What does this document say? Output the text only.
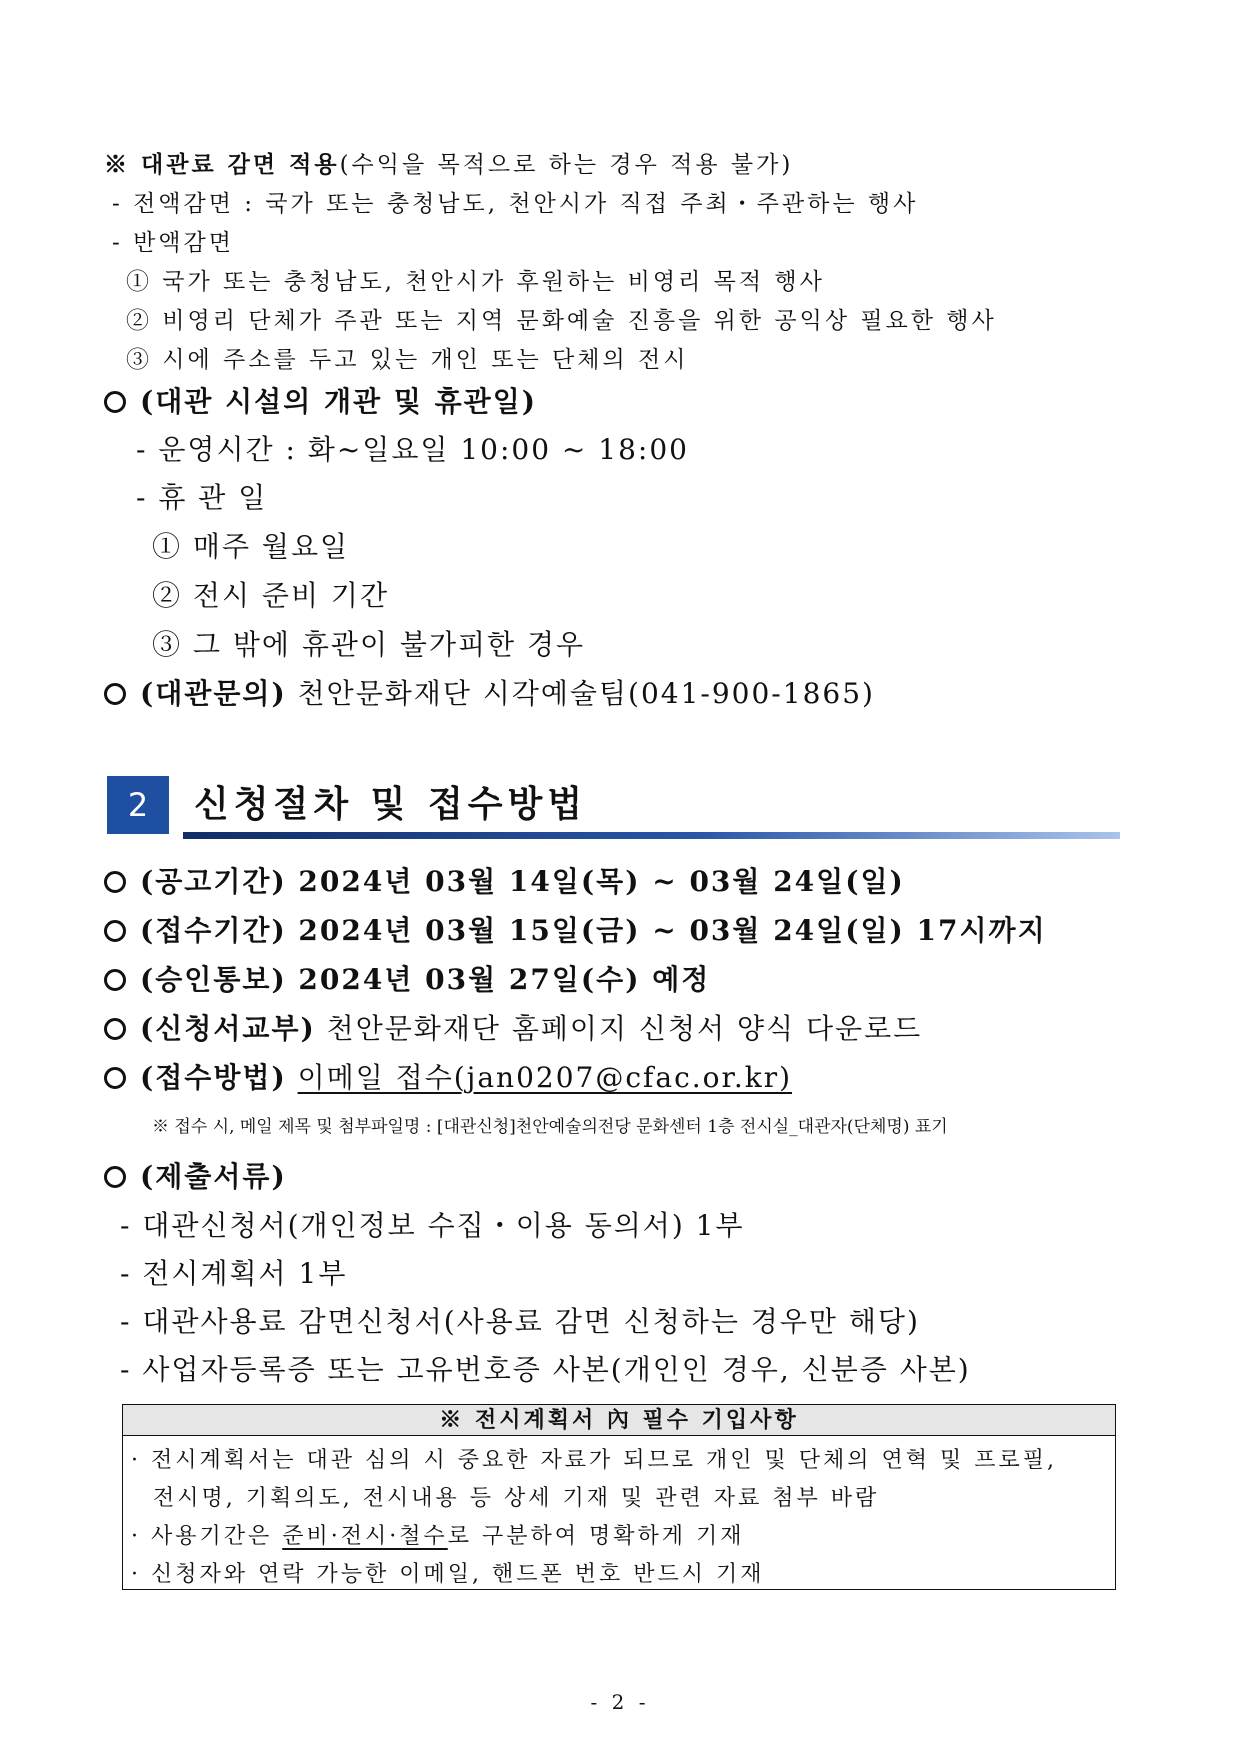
※ 대관료 감면 적용(수익을 목적으로 하는 경우 적용 불가)
- 전액감면 : 국가 또는 충청남도, 천안시가 직접 주최・주관하는 행사
- 반액감면
① 국가 또는 충청남도, 천안시가 후원하는 비영리 목적 행사
② 비영리 단체가 주관 또는 지역 문화예술 진흥을 위한 공익상 필요한 행사
③ 시에 주소를 두고 있는 개인 또는 단체의 전시
(대관 시설의 개관 및 휴관일)
- 운영시간 : 화~일요일 10:00 ~ 18:00
- 휴 관 일
① 매주 월요일
② 전시 준비 기간
③ 그 밖에 휴관이 불가피한 경우
(대관문의) 천안문화재단 시각예술팀(041-900-1865)
2	신청절차 및 접수방법
(공고기간) 2024년 03월 14일(목) ~ 03월 24일(일)
(접수기간) 2024년 03월 15일(금) ~ 03월 24일(일) 17시까지
(승인통보) 2024년 03월 27일(수) 예정
(신청서교부) 천안문화재단 홈페이지 신청서 양식 다운로드
(접수방법) 이메일 접수(jan0207@cfac.or.kr)
※ 접수 시, 메일 제목 및 첨부파일명 : [대관신청]천안예술의전당 문화센터 1층 전시실_대관자(단체명) 표기
(제출서류)
- 대관신청서(개인정보 수집・이용 동의서) 1부
- 전시계획서 1부
- 대관사용료 감면신청서(사용료 감면 신청하는 경우만 해당)
- 사업자등록증 또는 고유번호증 사본(개인인 경우, 신분증 사본)
※ 전시계획서 內 필수 기입사항
· 전시계획서는 대관 심의 시 중요한 자료가 되므로 개인 및 단체의 연혁 및 프로필,
전시명, 기획의도, 전시내용 등 상세 기재 및 관련 자료 첨부 바람
· 사용기간은 준비·전시·철수로 구분하여 명확하게 기재
· 신청자와 연락 가능한 이메일, 핸드폰 번호 반드시 기재
- 2 -
